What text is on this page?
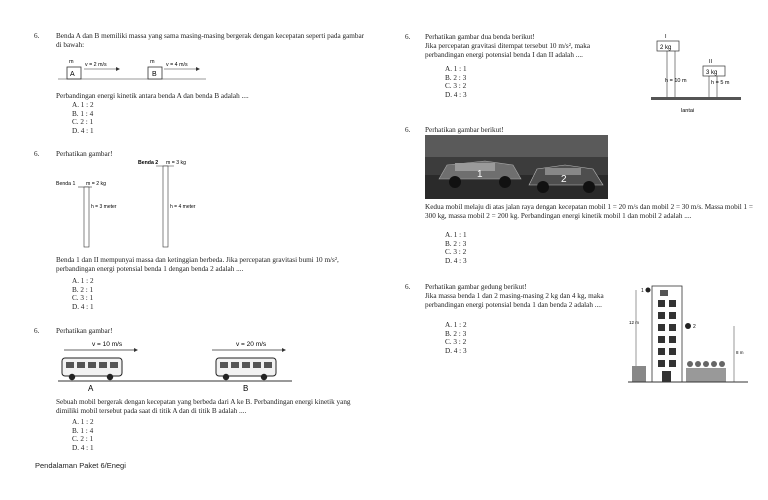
6. Benda A dan B memiliki massa yang sama masing-masing bergerak dengan kecepatan seperti pada gambar di bawah:
A
m v = 2 m/s
B
m v = 4 m/s
Perbandingan energi kinetik antara benda A dan benda B adalah ....
A. 1 : 2
B. 1 : 4
C. 2 : 1
D. 4 : 1
6. Perhatikan gambar!
Benda 1 m = 2 kg
h = 3 meter
Benda 2 m = 3 kg
h = 4 meter
Benda 1 dan II mempunyai massa dan ketinggian berbeda. Jika percepatan gravitasi bumi 10 m/s², perbandingan energi potensial benda 1 dengan benda 2 adalah ....
A. 1 : 2
B. 2 : 1
C. 3 : 1
D. 4 : 1
6. Perhatikan gambar!
v = 10 m/s	v = 20 m/s
A	B
Sebuah mobil bergerak dengan kecepatan yang berbeda dari A ke B. Perbandingan energi kinetik yang dimiliki mobil tersebut pada saat di titik A dan di titik B adalah ....
A. 1 : 2
B. 1 : 4
C. 2 : 1
D. 4 : 1
Pendalaman Paket 6/Enegi
6. Perhatikan gambar dua benda berikut!
Jika percepatan gravitasi ditempat tersebut 10 m/s², maka perbandingan energi potensial benda I dan II adalah ....
A. 1 : 1
B. 2 : 3
C. 3 : 2
D. 4 : 3
I
2 kg
II
3 kg
h = 10 m	h = 5 m
lantai
6. Perhatikan gambar berikut!
1	2
Kedua mobil melaju di atas jalan raya dengan kecepatan mobil 1 = 20 m/s dan mobil 2 = 30 m/s. Massa mobil 1 = 300 kg, massa mobil 2 = 200 kg. Perbandingan energi kinetik mobil 1 dan mobil 2 adalah ....
A. 1 : 1
B. 2 : 3
C. 3 : 2
D. 4 : 3
6. Perhatikan gambar gedung berikut!
Jika massa benda 1 dan 2 masing-masing 2 kg dan 4 kg, maka perbandingan energi potensial benda 1 dan benda 2 adalah ....
A. 1 : 2
B. 2 : 3
C. 3 : 2
D. 4 : 3
1
12 m
2
8 m
